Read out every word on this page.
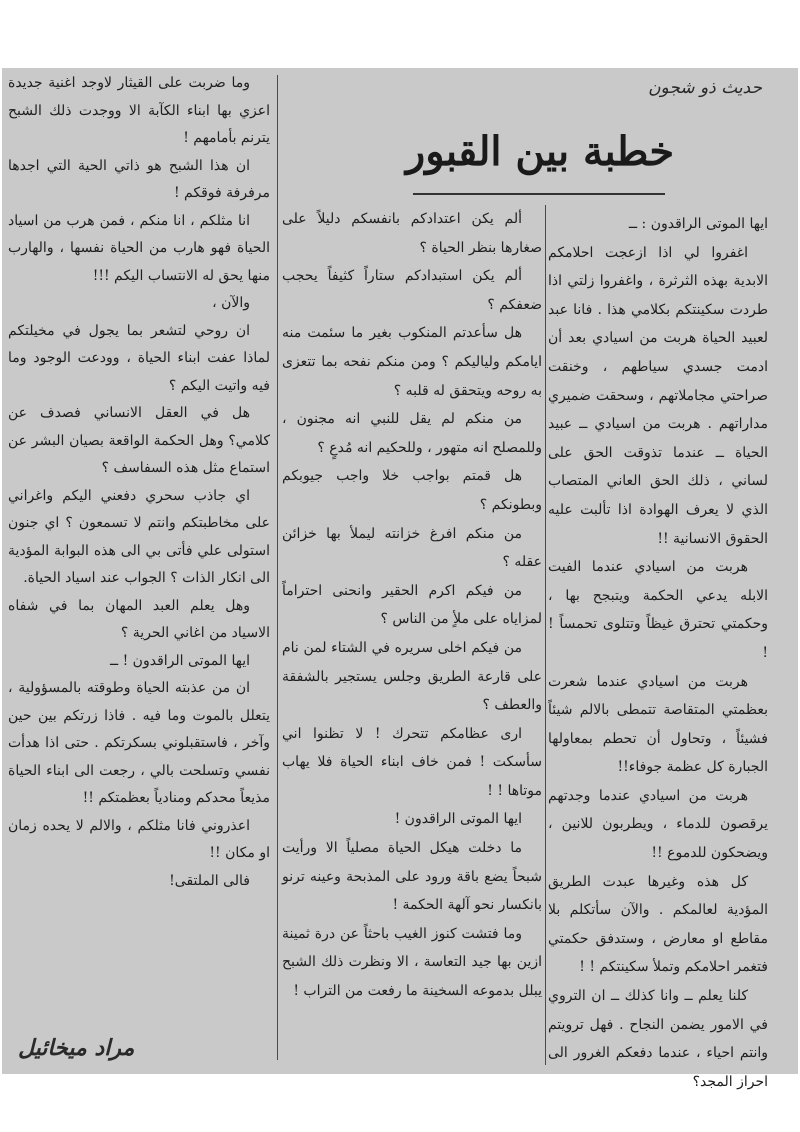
حديث ذو شجون
خطبة بين القبور

ايها الموتى الراقدون : ــ

اغفروا لي اذا ازعجت احلامكم الابدية بهذه الثرثرة ، واغفروا زلتي اذا طردت سكينتكم بكلامي هذا . فانا عبد لعبيد الحياة هربت من اسيادي بعد أن ادمت جسدي سياطهم ، وخنقت صراحتي مجاملاتهم ، وسحقت ضميري مداراتهم . هربت من اسيادي ــ عبيد الحياة ــ عندما تذوقت الحق على لساني ، ذلك الحق العاني المتصاب الذي لا يعرف الهوادة اذا تألبت عليه الحقوق الانسانية !!

هربت من اسيادي عندما الفيت الابله يدعي الحكمة ويتبجح بها ، وحكمتي تحترق غيظاً وتتلوى تحمساً ! !

هربت من اسيادي عندما شعرت بعظمتي المتقاصة تتمطى بالالم شيئاً فشيئاً ، وتحاول أن تحطم بمعاولها الجبارة كل عظمة جوفاء!!

هربت من اسيادي عندما وجدتهم يرقصون للدماء ، ويطربون للانين ، ويضحكون للدموع !!

كل هذه وغيرها عبدت الطريق المؤدية لعالمكم . والآن سأتكلم بلا مقاطع او معارض ، وستدفق حكمتي فتغمر احلامكم وتملأ سكينتكم ! !

كلنا يعلم ــ وانا كذلك ــ ان التروي في الامور يضمن النجاح . فهل ترويتم وانتم احياء ، عندما دفعكم الغرور الى احراز المجد؟

ألم يكن اعتدادكم بانفسكم دليلاً على صغارها بنظر الحياة ؟

ألم يكن استبدادكم ستاراً كثيفاً يحجب ضعفكم ؟

هل سأعدتم المنكوب بغير ما سئمت منه ايامكم ولياليكم ؟ ومن منكم نفحه بما تتعزى به روحه ويتحقق له قلبه ؟

من منكم لم يقل للنبي انه مجنون ، وللمصلح انه متهور ، وللحكيم انه مُدعٍ ؟

هل قمتم بواجب خلا واجب جيوبكم وبطونكم ؟

من منكم افرغ خزانته ليملأ بها خزائن عقله ؟

من فيكم اكرم الحقير وانحنى احتراماً لمزاياه على ملأٍ من الناس ؟

من فيكم اخلى سريره في الشتاء لمن نام على قارعة الطريق وجلس يستجير بالشفقة والعطف ؟

ارى عظامكم تتحرك ! لا تظنوا اني سأسكت ! فمن خاف ابناء الحياة فلا يهاب موتاها ! !

ايها الموتى الراقدون !

ما دخلت هيكل الحياة مصلياً الا ورأيت شبحاً يضع باقة ورود على المذبحة وعينه ترنو بانكسار نحو آلهة الحكمة !

وما فتشت كنوز الغيب باحثاً عن درة ثمينة ازين بها جيد التعاسة ، الا ونظرت ذلك الشبح يبلل بدموعه السخينة ما رفعت من التراب !

وما ضربت على القيثار لاوجد اغنية جديدة اعزي بها ابناء الكآبة الا ووجدت ذلك الشبح يترنم بأمامهم !

ان هذا الشبح هو ذاتي الحية التي اجدها مرفرفة فوقكم !

انا مثلكم ، انا منكم ، فمن هرب من اسياد الحياة فهو هارب من الحياة نفسها ، والهارب منها يحق له الانتساب اليكم !!!

والآن ،

ان روحي لتشعر بما يجول في مخيلتكم لماذا عفت ابناء الحياة ، وودعت الوجود وما فيه واتيت اليكم ؟

هل في العقل الانساني فصدف عن كلامي؟ وهل الحكمة الواقعة بصيان البشر عن استماع مثل هذه السفاسف ؟

اي جاذب سحري دفعني اليكم واغراني على مخاطبتكم وانتم لا تسمعون ؟ اي جنون استولى علي فأتى بي الى هذه البوابة المؤدية الى انكار الذات ؟ الجواب عند اسياد الحياة.

وهل يعلم العبد المهان بما في شفاه الاسياد من اغاني الحرية ؟

ايها الموتى الراقدون ! ــ

ان من عذبته الحياة وطوقته بالمسؤولية ، يتعلل بالموت وما فيه . فاذا زرتكم بين حين وآخر ، فاستقبلوني بسكرتكم . حتى اذا هدأت نفسي وتسلحت بالي ، رجعت الى ابناء الحياة مذيعاً محدكم ومنادياً بعظمتكم !!

اعذروني فانا مثلكم ، والالم لا يحده زمان او مكان !!

فالى الملتقى!

مراد ميخائيل
